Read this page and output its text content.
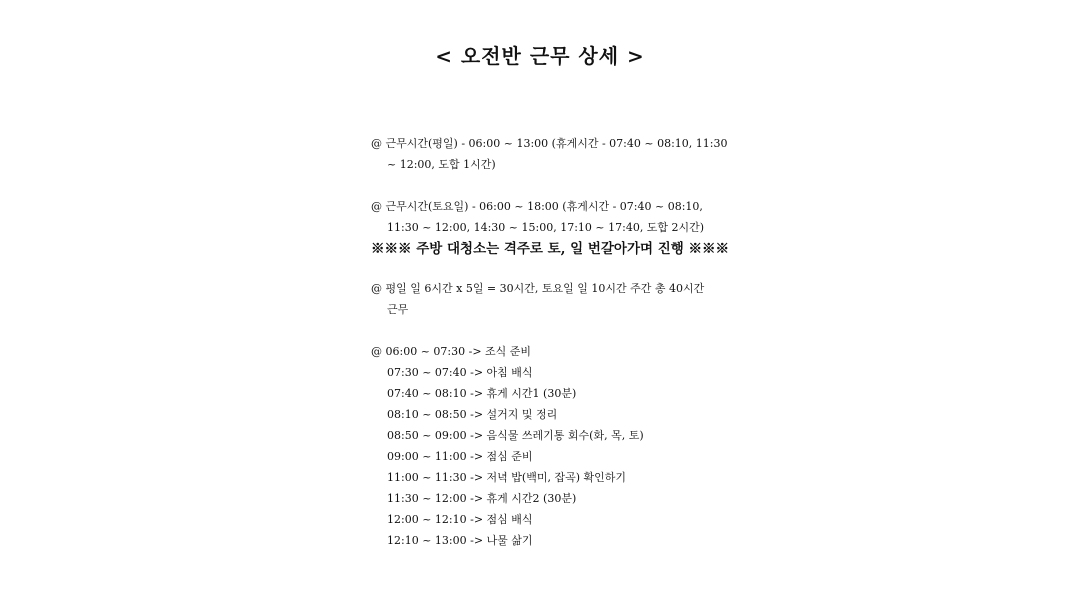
< 오전반 근무 상세 >
@ 근무시간(평일) - 06:00 ~ 13:00 (휴게시간 - 07:40 ~ 08:10, 11:30
~ 12:00, 도합 1시간)
@ 근무시간(토요일) - 06:00 ~ 18:00 (휴게시간 - 07:40 ~ 08:10,
11:30 ~ 12:00, 14:30 ~ 15:00, 17:10 ~ 17:40, 도합 2시간)
※※※ 주방 대청소는 격주로 토, 일 번갈아가며 진행 ※※※
@ 평일 일 6시간 x 5일 = 30시간, 토요일 일 10시간 주간 총 40시간
근무
@ 06:00 ~ 07:30 -> 조식 준비
07:30 ~ 07:40 -> 아침 배식
07:40 ~ 08:10 -> 휴게 시간1 (30분)
08:10 ~ 08:50 -> 설거지 및 정리
08:50 ~ 09:00 -> 음식물 쓰레기통 회수(화, 목, 토)
09:00 ~ 11:00 -> 점심 준비
11:00 ~ 11:30 -> 저녁 밥(백미, 잡곡) 확인하기
11:30 ~ 12:00 -> 휴게 시간2 (30분)
12:00 ~ 12:10 -> 점심 배식
12:10 ~ 13:00 -> 나물 삶기
